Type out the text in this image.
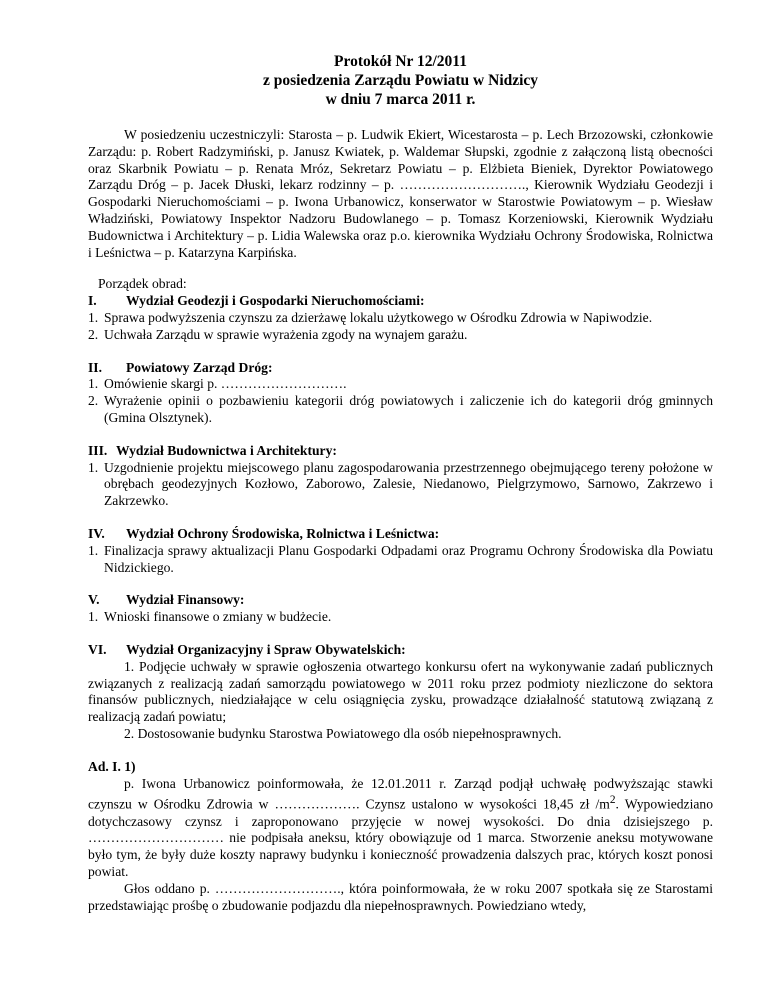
Protokół Nr 12/2011

z posiedzenia Zarządu Powiatu w Nidzicy

w dniu 7 marca 2011 r.

W posiedzeniu uczestniczyli: Starosta – p. Ludwik Ekiert, Wicestarosta – p. Lech Brzozowski, członkowie Zarządu: p. Robert Radzymiński, p. Janusz Kwiatek, p. Waldemar Słupski, zgodnie z załączoną listą obecności oraz Skarbnik Powiatu – p. Renata Mróz, Sekretarz Powiatu – p. Elżbieta Bieniek, Dyrektor Powiatowego Zarządu Dróg – p. Jacek Dłuski, lekarz rodzinny – p. ………………………., Kierownik Wydziału Geodezji i Gospodarki Nieruchomościami – p. Iwona Urbanowicz, konserwator w Starostwie Powiatowym – p. Wiesław Władziński, Powiatowy Inspektor Nadzoru Budowlanego – p. Tomasz Korzeniowski, Kierownik Wydziału Budownictwa i Architektury – p. Lidia Walewska oraz p.o. kierownika Wydziału Ochrony Środowiska, Rolnictwa i Leśnictwa – p. Katarzyna Karpińska.

Porządek obrad:

I.	Wydział Geodezji i Gospodarki Nieruchomościami:
1. Sprawa podwyższenia czynszu za dzierżawę lokalu użytkowego w Ośrodku Zdrowia w Napiwodzie.
2. Uchwała Zarządu w sprawie wyrażenia zgody na wynajem garażu.
II.	Powiatowy Zarząd Dróg:
1. Omówienie skargi p. ……………………….
2. Wyrażenie opinii o pozbawieniu kategorii dróg powiatowych i zaliczenie ich do kategorii dróg gminnych (Gmina Olsztynek).
III. Wydział Budownictwa i Architektury:
1. Uzgodnienie projektu miejscowego planu zagospodarowania przestrzennego obejmującego tereny położone w obrębach geodezyjnych Kozłowo, Zaborowo, Zalesie, Niedanowo, Pielgrzymowo, Sarnowo, Zakrzewo i Zakrzewko.
IV.	Wydział Ochrony Środowiska, Rolnictwa i Leśnictwa:
1. Finalizacja sprawy aktualizacji Planu Gospodarki Odpadami oraz Programu Ochrony Środowiska dla Powiatu Nidzickiego.
V.	Wydział Finansowy:
1. Wnioski finansowe o zmiany w budżecie.
VI.	Wydział Organizacyjny i Spraw Obywatelskich:

1. Podjęcie uchwały w sprawie ogłoszenia otwartego konkursu ofert na wykonywanie zadań publicznych związanych z realizacją zadań samorządu powiatowego w 2011 roku przez podmioty niezliczone do sektora finansów publicznych, niedziałające w celu osiągnięcia zysku, prowadzące działalność statutową związaną z realizacją zadań powiatu;

2. Dostosowanie budynku Starostwa Powiatowego dla osób niepełnosprawnych.

Ad. I. 1)

p. Iwona Urbanowicz poinformowała, że 12.01.2011 r. Zarząd podjął uchwałę podwyższając stawki czynszu w Ośrodku Zdrowia w ………………. Czynsz ustalono w wysokości 18,45 zł $/m^2$. Wypowiedziano dotychczasowy czynsz i zaproponowano przyjęcie w nowej wysokości. Do dnia dzisiejszego p. ………………………… nie podpisała aneksu, który obowiązuje od 1 marca. Stworzenie aneksu motywowane było tym, że były duże koszty naprawy budynku i konieczność prowadzenia dalszych prac, których koszt ponosi powiat.

Głos oddano p. ………………………., która poinformowała, że w roku 2007 spotkała się ze Starostami przedstawiając prośbę o zbudowanie podjazdu dla niepełnosprawnych. Powiedziano wtedy,
